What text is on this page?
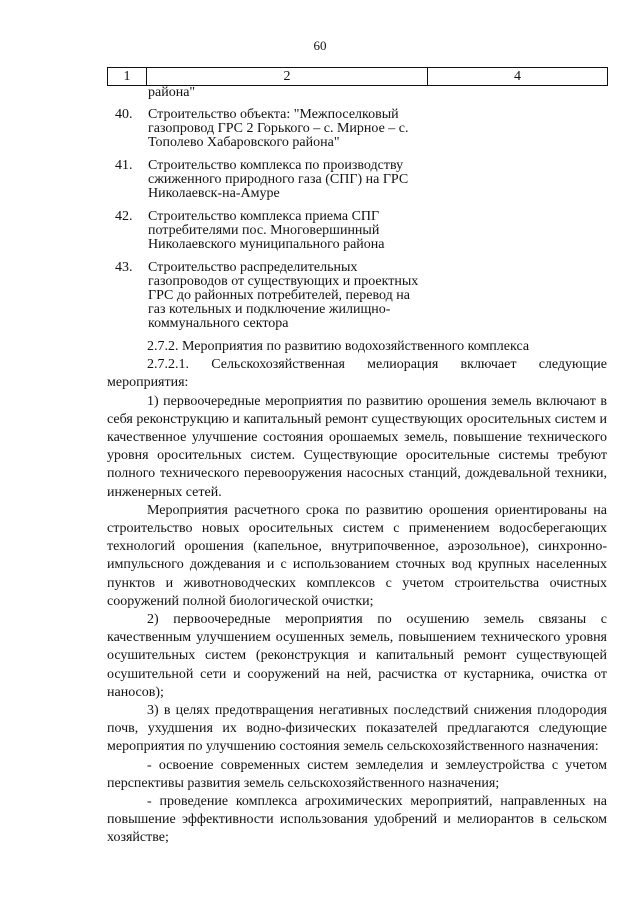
60
1	2	4
района"
40.	Строительство объекта: "Межпоселковый газопровод ГРС 2 Горького – с. Мирное – с. Тополево Хабаровского района"
41.	Строительство комплекса по производству сжиженного природного газа (СПГ) на ГРС Николаевск-на-Амуре
42.	Строительство комплекса приема СПГ потребителями пос. Многовершинный Николаевского муниципального района
43.	Строительство распределительных газопроводов от существующих и проектных ГРС до районных потребителей, перевод на газ котельных и подключение жилищно-коммунального сектора

2.7.2. Мероприятия по развитию водохозяйственного комплекса

2.7.2.1. Сельскохозяйственная мелиорация включает следующие мероприятия:

1) первоочередные мероприятия по развитию орошения земель включают в себя реконструкцию и капитальный ремонт существующих оросительных систем и качественное улучшение состояния орошаемых земель, повышение технического уровня оросительных систем. Существующие оросительные системы требуют полного технического перевооружения насосных станций, дождевальной техники, инженерных сетей.

Мероприятия расчетного срока по развитию орошения ориентированы на строительство новых оросительных систем с применением водосберегающих технологий орошения (капельное, внутрипочвенное, аэрозольное), синхронно-импульсного дождевания и с использованием сточных вод крупных населенных пунктов и животноводческих комплексов с учетом строительства очистных сооружений полной биологической очистки;

2) первоочередные мероприятия по осушению земель связаны с качественным улучшением осушенных земель, повышением технического уровня осушительных систем (реконструкция и капитальный ремонт существующей осушительной сети и сооружений на ней, расчистка от кустарника, очистка от наносов);

3) в целях предотвращения негативных последствий снижения плодородия почв, ухудшения их водно-физических показателей предлагаются следующие мероприятия по улучшению состояния земель сельскохозяйственного назначения:

- освоение современных систем земледелия и землеустройства с учетом перспективы развития земель сельскохозяйственного назначения;

- проведение комплекса агрохимических мероприятий, направленных на повышение эффективности использования удобрений и мелиорантов в сельском хозяйстве;
